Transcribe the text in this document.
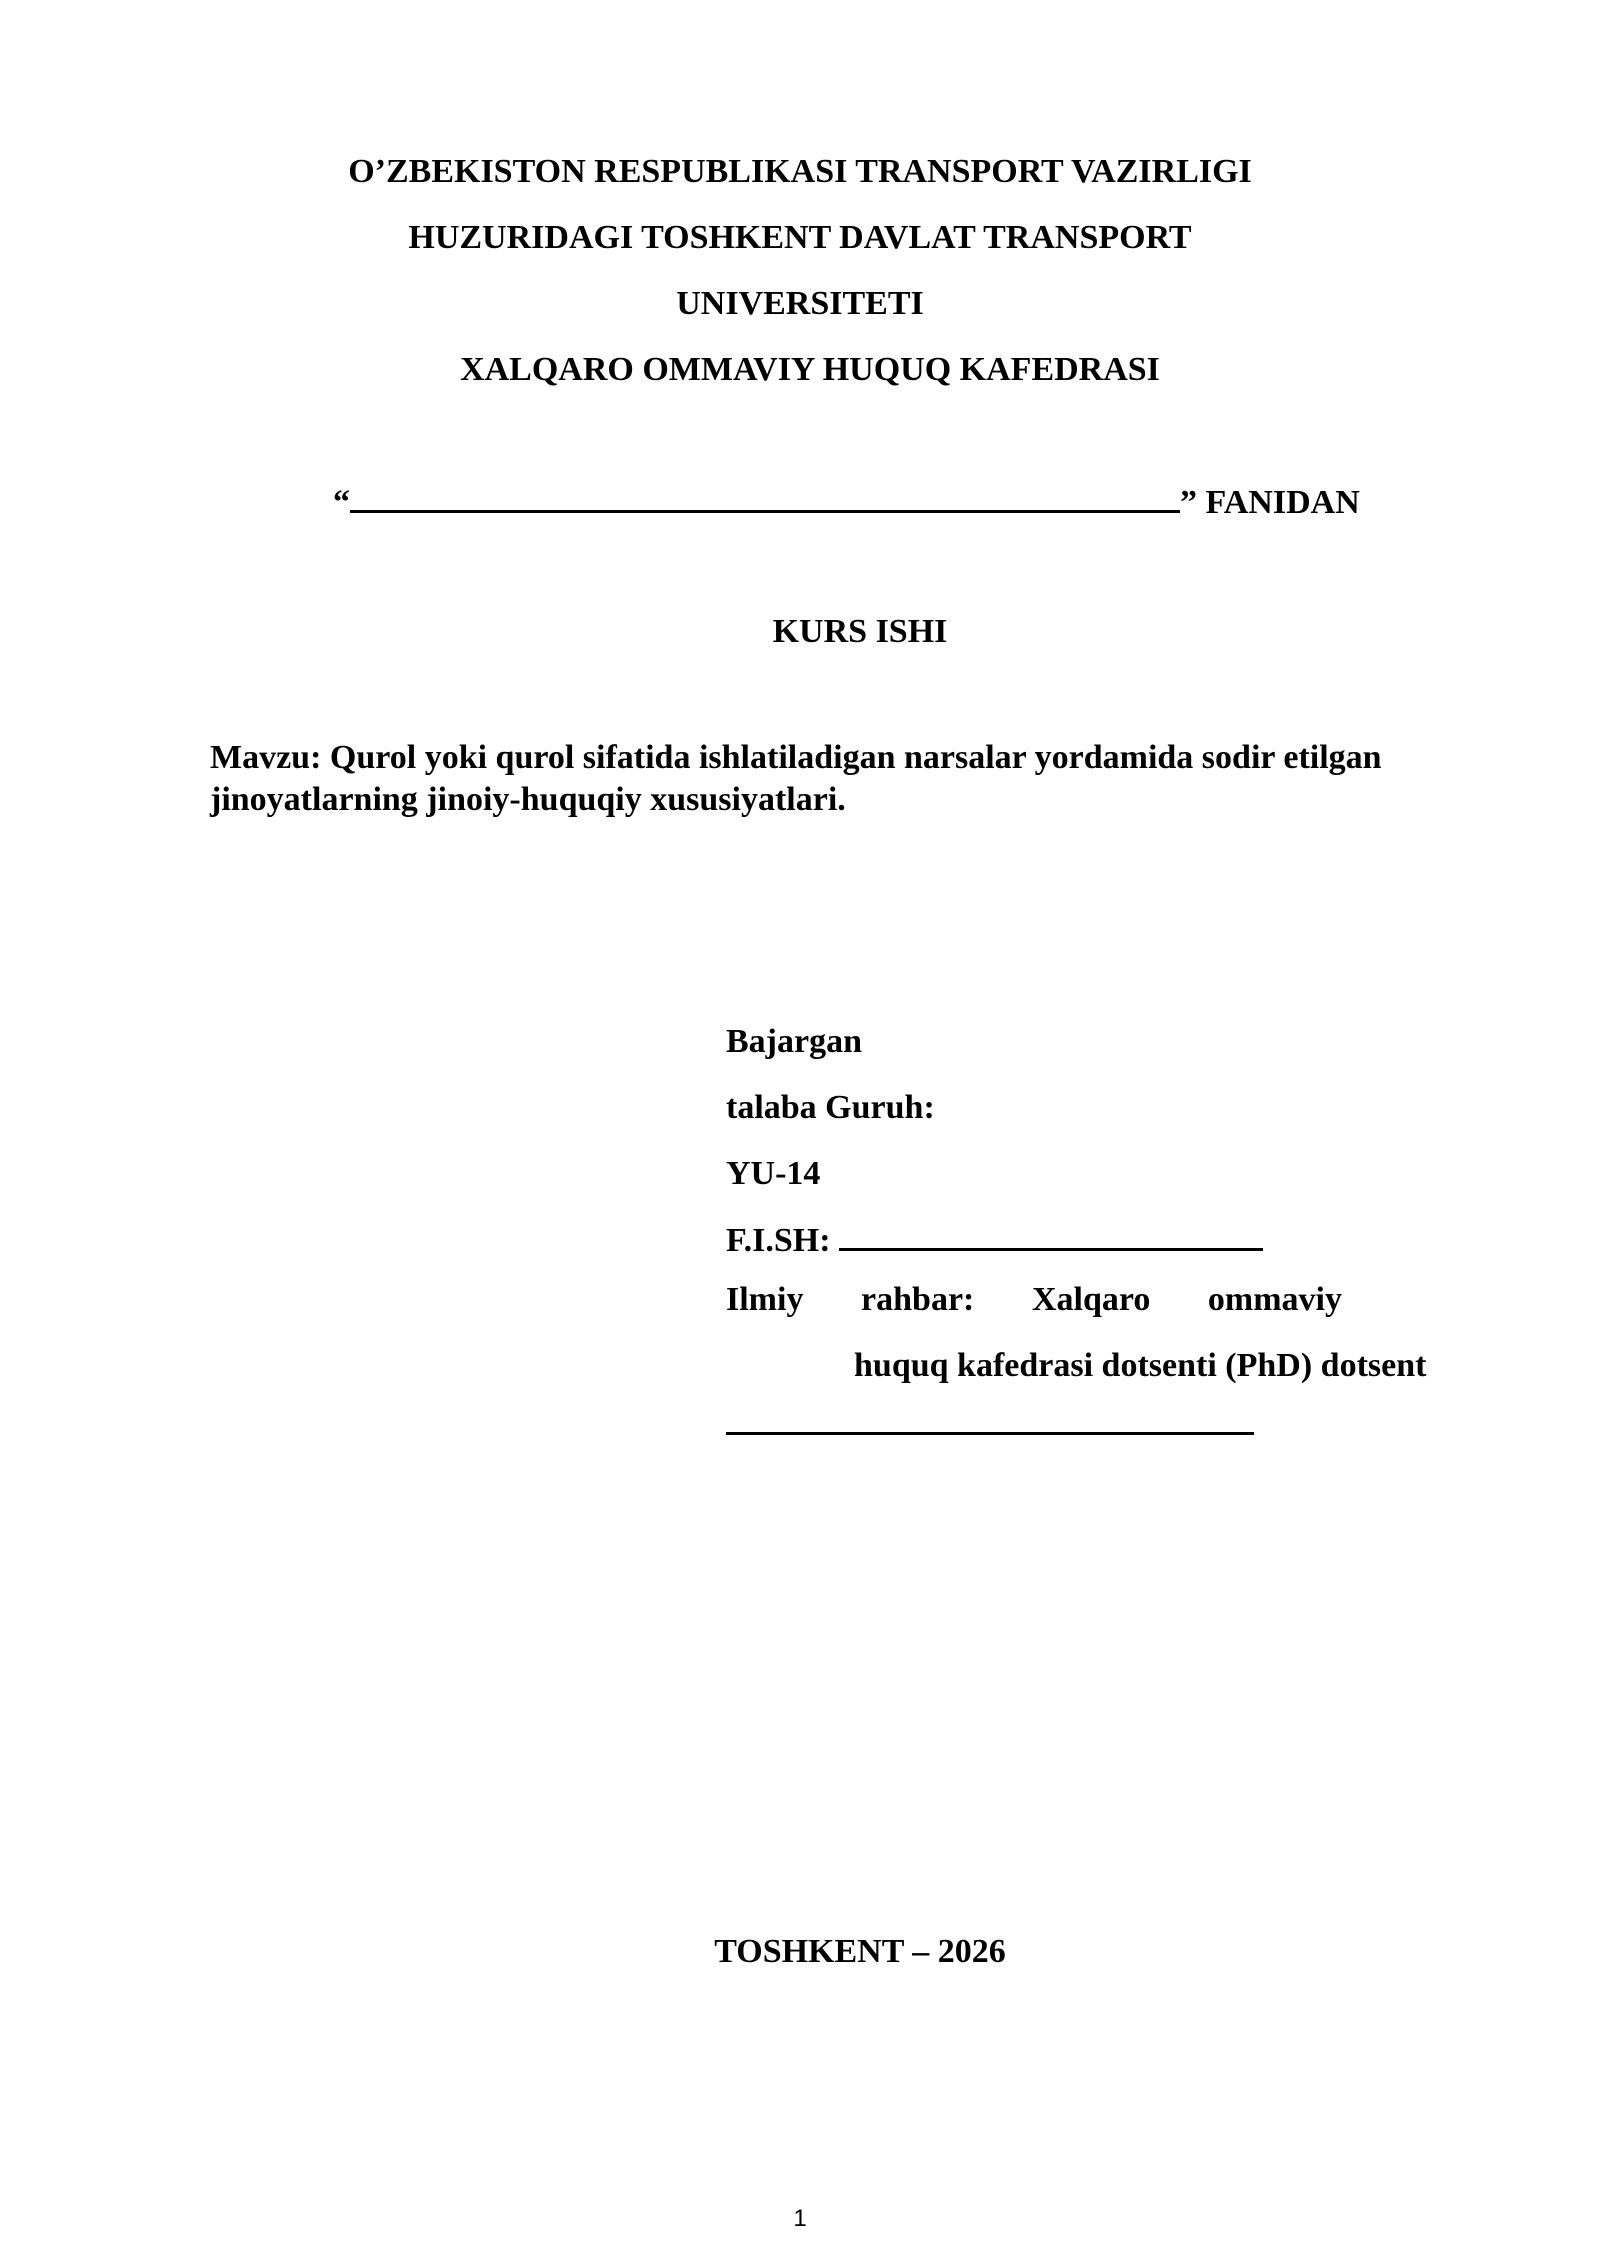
O’ZBEKISTON RESPUBLIKASI TRANSPORT VAZIRLIGI
HUZURIDAGI TOSHKENT DAVLAT TRANSPORT
UNIVERSITETI
XALQARO OMMAVIY HUQUQ KAFEDRASI
“	” FANIDAN
KURS ISHI
Mavzu: Qurol yoki qurol sifatida ishlatiladigan narsalar yordamida sodir etilgan jinoyatlarning jinoiy-huquqiy xususiyatlari.
Bajargan
talaba Guruh:
YU-14
F.I.SH:
Ilmiy rahbar: Xalqaro ommaviy
huquq kafedrasi dotsenti (PhD) dotsent
TOSHKENT – 2026
1
